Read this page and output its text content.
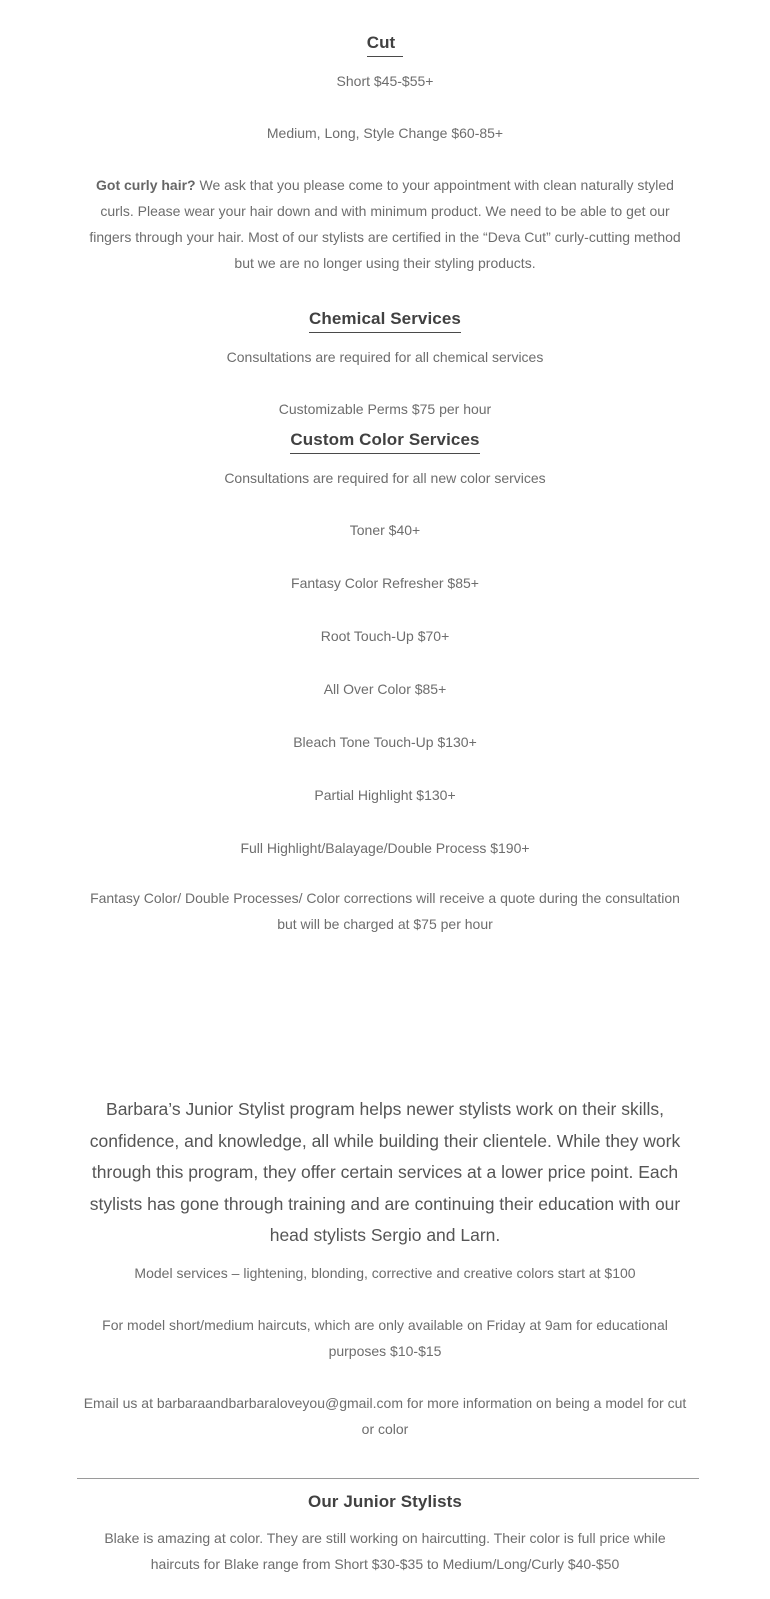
Cut

Short $45-$55+

Medium, Long, Style Change $60-85+

Got curly hair? We ask that you please come to your appointment with clean naturally styled curls. Please wear your hair down and with minimum product. We need to be able to get our fingers through your hair. Most of our stylists are certified in the “Deva Cut” curly-cutting method but we are no longer using their styling products.

Chemical Services

Consultations are required for all chemical services

Customizable Perms $75 per hour

Custom Color Services

Consultations are required for all new color services

Toner $40+

Fantasy Color Refresher $85+

Root Touch-Up $70+

All Over Color $85+

Bleach Tone Touch-Up $130+

Partial Highlight $130+

Full Highlight/Balayage/Double Process $190+

Fantasy Color/ Double Processes/ Color corrections will receive a quote during the consultation but will be charged at $75 per hour

Barbara’s Junior Stylist program helps newer stylists work on their skills, confidence, and knowledge, all while building their clientele. While they work through this program, they offer certain services at a lower price point. Each stylists has gone through training and are continuing their education with our head stylists Sergio and Larn.

Model services – lightening, blonding, corrective and creative colors start at $100

For model short/medium haircuts, which are only available on Friday at 9am for educational purposes $10-$15

Email us at barbaraandbarbaraloveyou@gmail.com for more information on being a model for cut or color

Our Junior Stylists

Blake is amazing at color. They are still working on haircutting. Their color is full price while haircuts for Blake range from Short $30-$35 to Medium/Long/Curly $40-$50
